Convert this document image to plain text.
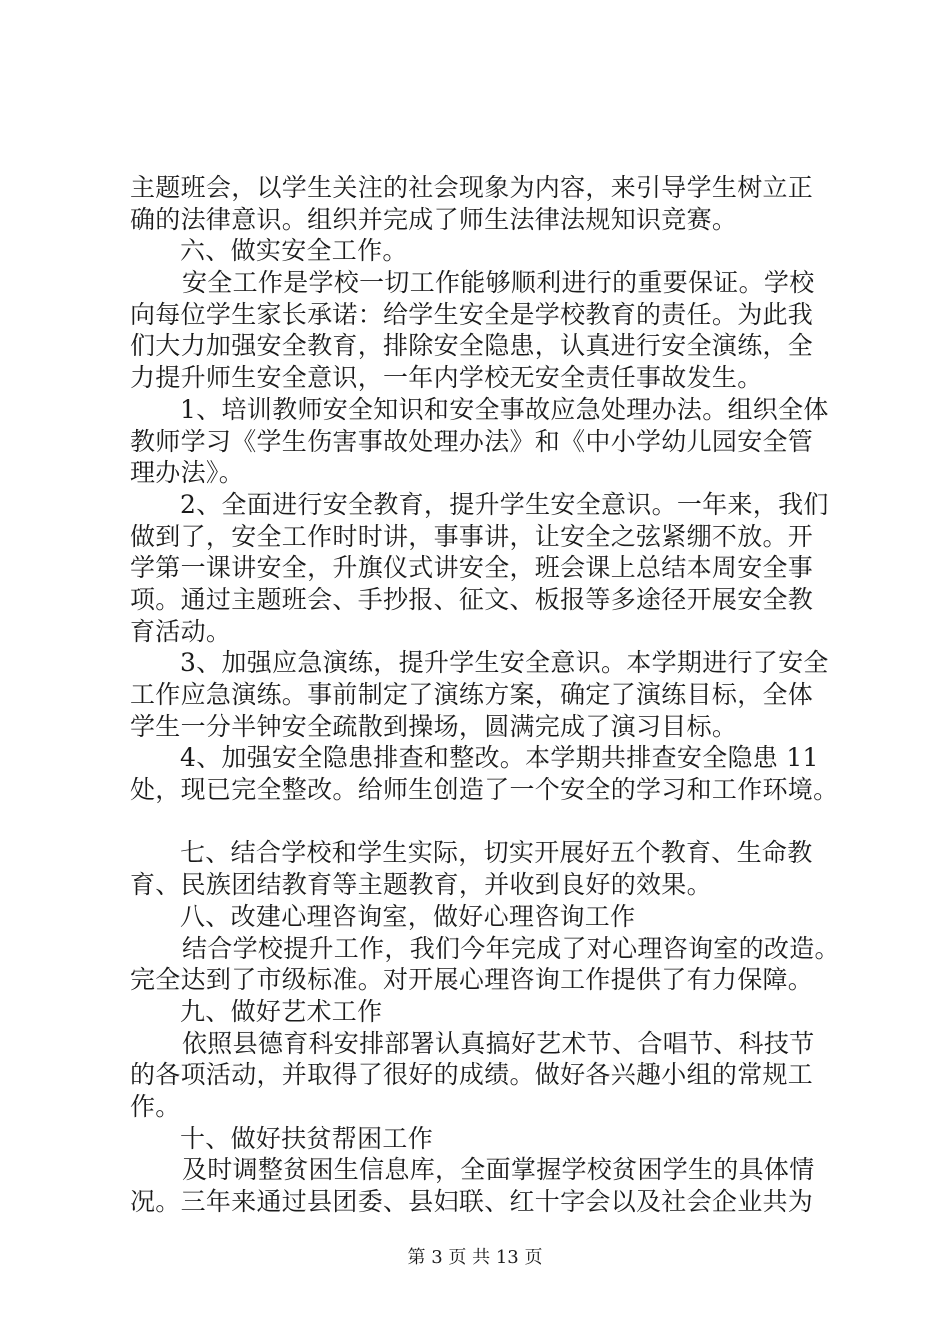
主题班会，以学生关注的社会现象为内容，来引导学生树立正
确的法律意识。组织并完成了师生法律法规知识竞赛。
六、做实安全工作。
安全工作是学校一切工作能够顺利进行的重要保证。学校
向每位学生家长承诺：给学生安全是学校教育的责任。为此我
们大力加强安全教育，排除安全隐患，认真进行安全演练，全
力提升师生安全意识，一年内学校无安全责任事故发生。
1、培训教师安全知识和安全事故应急处理办法。组织全体
教师学习《学生伤害事故处理办法》和《中小学幼儿园安全管
理办法》。
2、全面进行安全教育，提升学生安全意识。一年来，我们
做到了，安全工作时时讲，事事讲，让安全之弦紧绷不放。开
学第一课讲安全，升旗仪式讲安全，班会课上总结本周安全事
项。通过主题班会、手抄报、征文、板报等多途径开展安全教
育活动。
3、加强应急演练，提升学生安全意识。本学期进行了安全
工作应急演练。事前制定了演练方案，确定了演练目标，全体
学生一分半钟安全疏散到操场，圆满完成了演习目标。
4、加强安全隐患排查和整改。本学期共排查安全隐患 11
处，现已完全整改。给师生创造了一个安全的学习和工作环境。
七、结合学校和学生实际，切实开展好五个教育、生命教
育、民族团结教育等主题教育，并收到良好的效果。
八、改建心理咨询室，做好心理咨询工作
结合学校提升工作，我们今年完成了对心理咨询室的改造。
完全达到了市级标准。对开展心理咨询工作提供了有力保障。
九、做好艺术工作
依照县德育科安排部署认真搞好艺术节、合唱节、科技节
的各项活动，并取得了很好的成绩。做好各兴趣小组的常规工
作。
十、做好扶贫帮困工作
及时调整贫困生信息库，全面掌握学校贫困学生的具体情
况。三年来通过县团委、县妇联、红十字会以及社会企业共为
第 3 页 共 13 页
